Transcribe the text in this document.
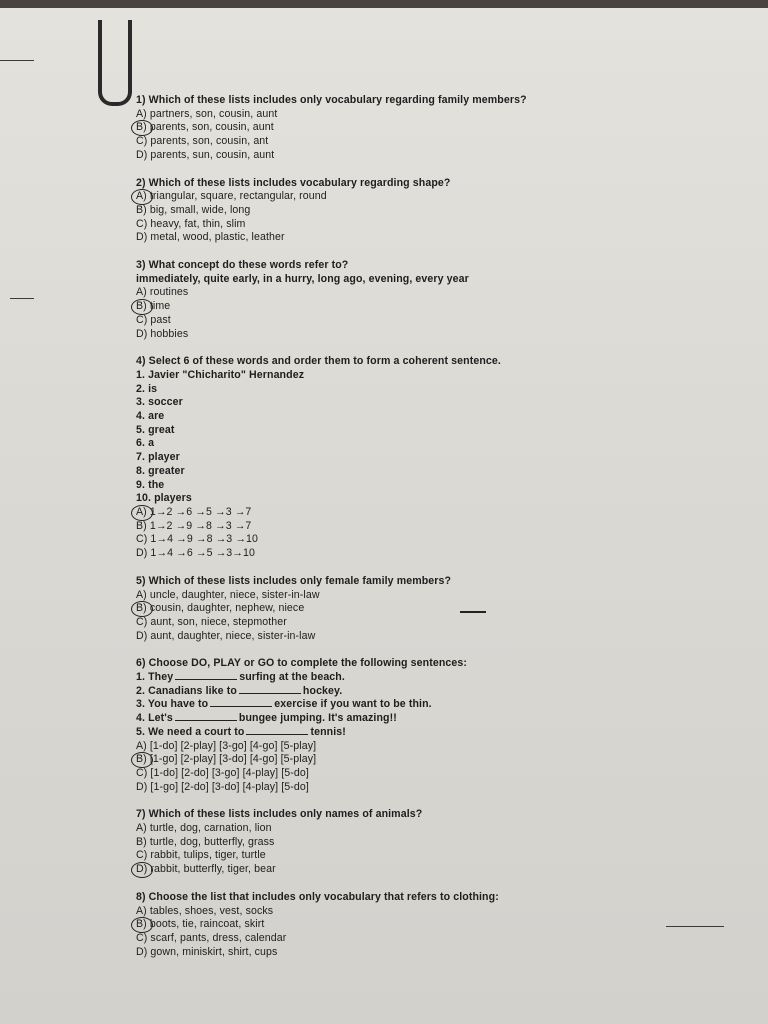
1) Which of these lists includes only vocabulary regarding family members?

A) partners, son, cousin, aunt

B) parents, son, cousin, aunt

C) parents, son, cousin, ant

D) parents, sun, cousin, aunt

2) Which of these lists includes vocabulary regarding shape?

A) triangular, square, rectangular, round

B) big, small, wide, long

C) heavy, fat, thin, slim

D) metal, wood, plastic, leather

3) What concept do these words refer to?

immediately, quite early, in a hurry, long ago, evening, every year

A) routines

B) time

C) past

D) hobbies

4) Select 6 of these words and order them to form a coherent sentence.

1. Javier "Chicharito" Hernandez

2. is

3. soccer

4. are

5. great

6. a

7. player

8. greater

9. the

10. players

A) 1→2 →6 →5 →3 →7

B) 1→2 →9 →8 →3 →7

C) 1→4 →9 →8 →3 →10

D) 1→4 →6 →5 →3→10

5) Which of these lists includes only female family members?

A) uncle, daughter, niece, sister-in-law

B) cousin, daughter, nephew, niece

C) aunt, son, niece, stepmother

D) aunt, daughter, niece, sister-in-law

6) Choose DO, PLAY or GO to complete the following sentences:

1. They	surfing at the beach.

2. Canadians like to	hockey.

3. You have to	exercise if you want to be thin.

4. Let's	bungee jumping. It's amazing!!

5. We need a court to	tennis!

A) [1-do] [2-play] [3-go] [4-go] [5-play]

B) [1-go] [2-play] [3-do] [4-go] [5-play]

C) [1-do] [2-do] [3-go] [4-play] [5-do]

D) [1-go] [2-do] [3-do] [4-play] [5-do]

7) Which of these lists includes only names of animals?

A) turtle, dog, carnation, lion

B) turtle, dog, butterfly, grass

C) rabbit, tulips, tiger, turtle

D) rabbit, butterfly, tiger, bear

8) Choose the list that includes only vocabulary that refers to clothing:

A) tables, shoes, vest, socks

B) boots, tie, raincoat, skirt

C) scarf, pants, dress, calendar

D) gown, miniskirt, shirt, cups
